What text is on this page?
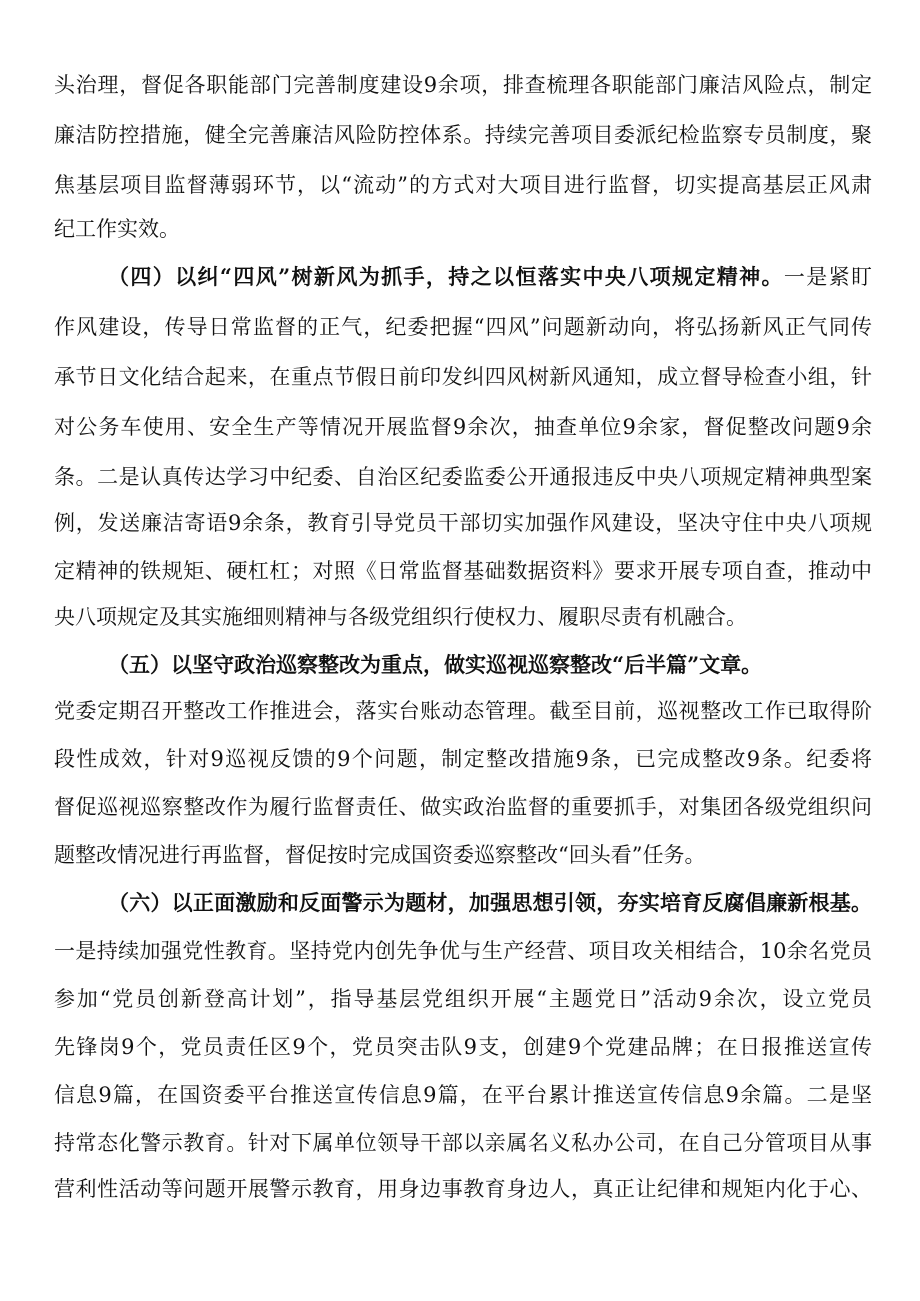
头治理，督促各职能部门完善制度建设9余项，排查梳理各职能部门廉洁风险点，制定
廉洁防控措施，健全完善廉洁风险防控体系。持续完善项目委派纪检监察专员制度，聚
焦基层项目监督薄弱环节，以“流动”的方式对大项目进行监督，切实提高基层正风肃
纪工作实效。
（四）以纠“四风”树新风为抓手，持之以恒落实中央八项规定精神。一是紧盯
作风建设，传导日常监督的正气，纪委把握“四风”问题新动向，将弘扬新风正气同传
承节日文化结合起来，在重点节假日前印发纠四风树新风通知，成立督导检查小组，针
对公务车使用、安全生产等情况开展监督9余次，抽查单位9余家，督促整改问题9余
条。二是认真传达学习中纪委、自治区纪委监委公开通报违反中央八项规定精神典型案
例，发送廉洁寄语9余条，教育引导党员干部切实加强作风建设，坚决守住中央八项规
定精神的铁规矩、硬杠杠；对照《日常监督基础数据资料》要求开展专项自查，推动中
央八项规定及其实施细则精神与各级党组织行使权力、履职尽责有机融合。
（五）以坚守政治巡察整改为重点，做实巡视巡察整改“后半篇”文章。
党委定期召开整改工作推进会，落实台账动态管理。截至目前，巡视整改工作已取得阶
段性成效，针对9巡视反馈的9个问题，制定整改措施9条，已完成整改9条。纪委将
督促巡视巡察整改作为履行监督责任、做实政治监督的重要抓手，对集团各级党组织问
题整改情况进行再监督，督促按时完成国资委巡察整改“回头看”任务。
（六）以正面激励和反面警示为题材，加强思想引领，夯实培育反腐倡廉新根基。
一是持续加强党性教育。坚持党内创先争优与生产经营、项目攻关相结合，10余名党员
参加“党员创新登高计划”，指导基层党组织开展“主题党日”活动9余次，设立党员
先锋岗9个，党员责任区9个，党员突击队9支，创建9个党建品牌；在日报推送宣传
信息9篇，在国资委平台推送宣传信息9篇，在平台累计推送宣传信息9余篇。二是坚
持常态化警示教育。针对下属单位领导干部以亲属名义私办公司，在自己分管项目从事
营利性活动等问题开展警示教育，用身边事教育身边人，真正让纪律和规矩内化于心、
